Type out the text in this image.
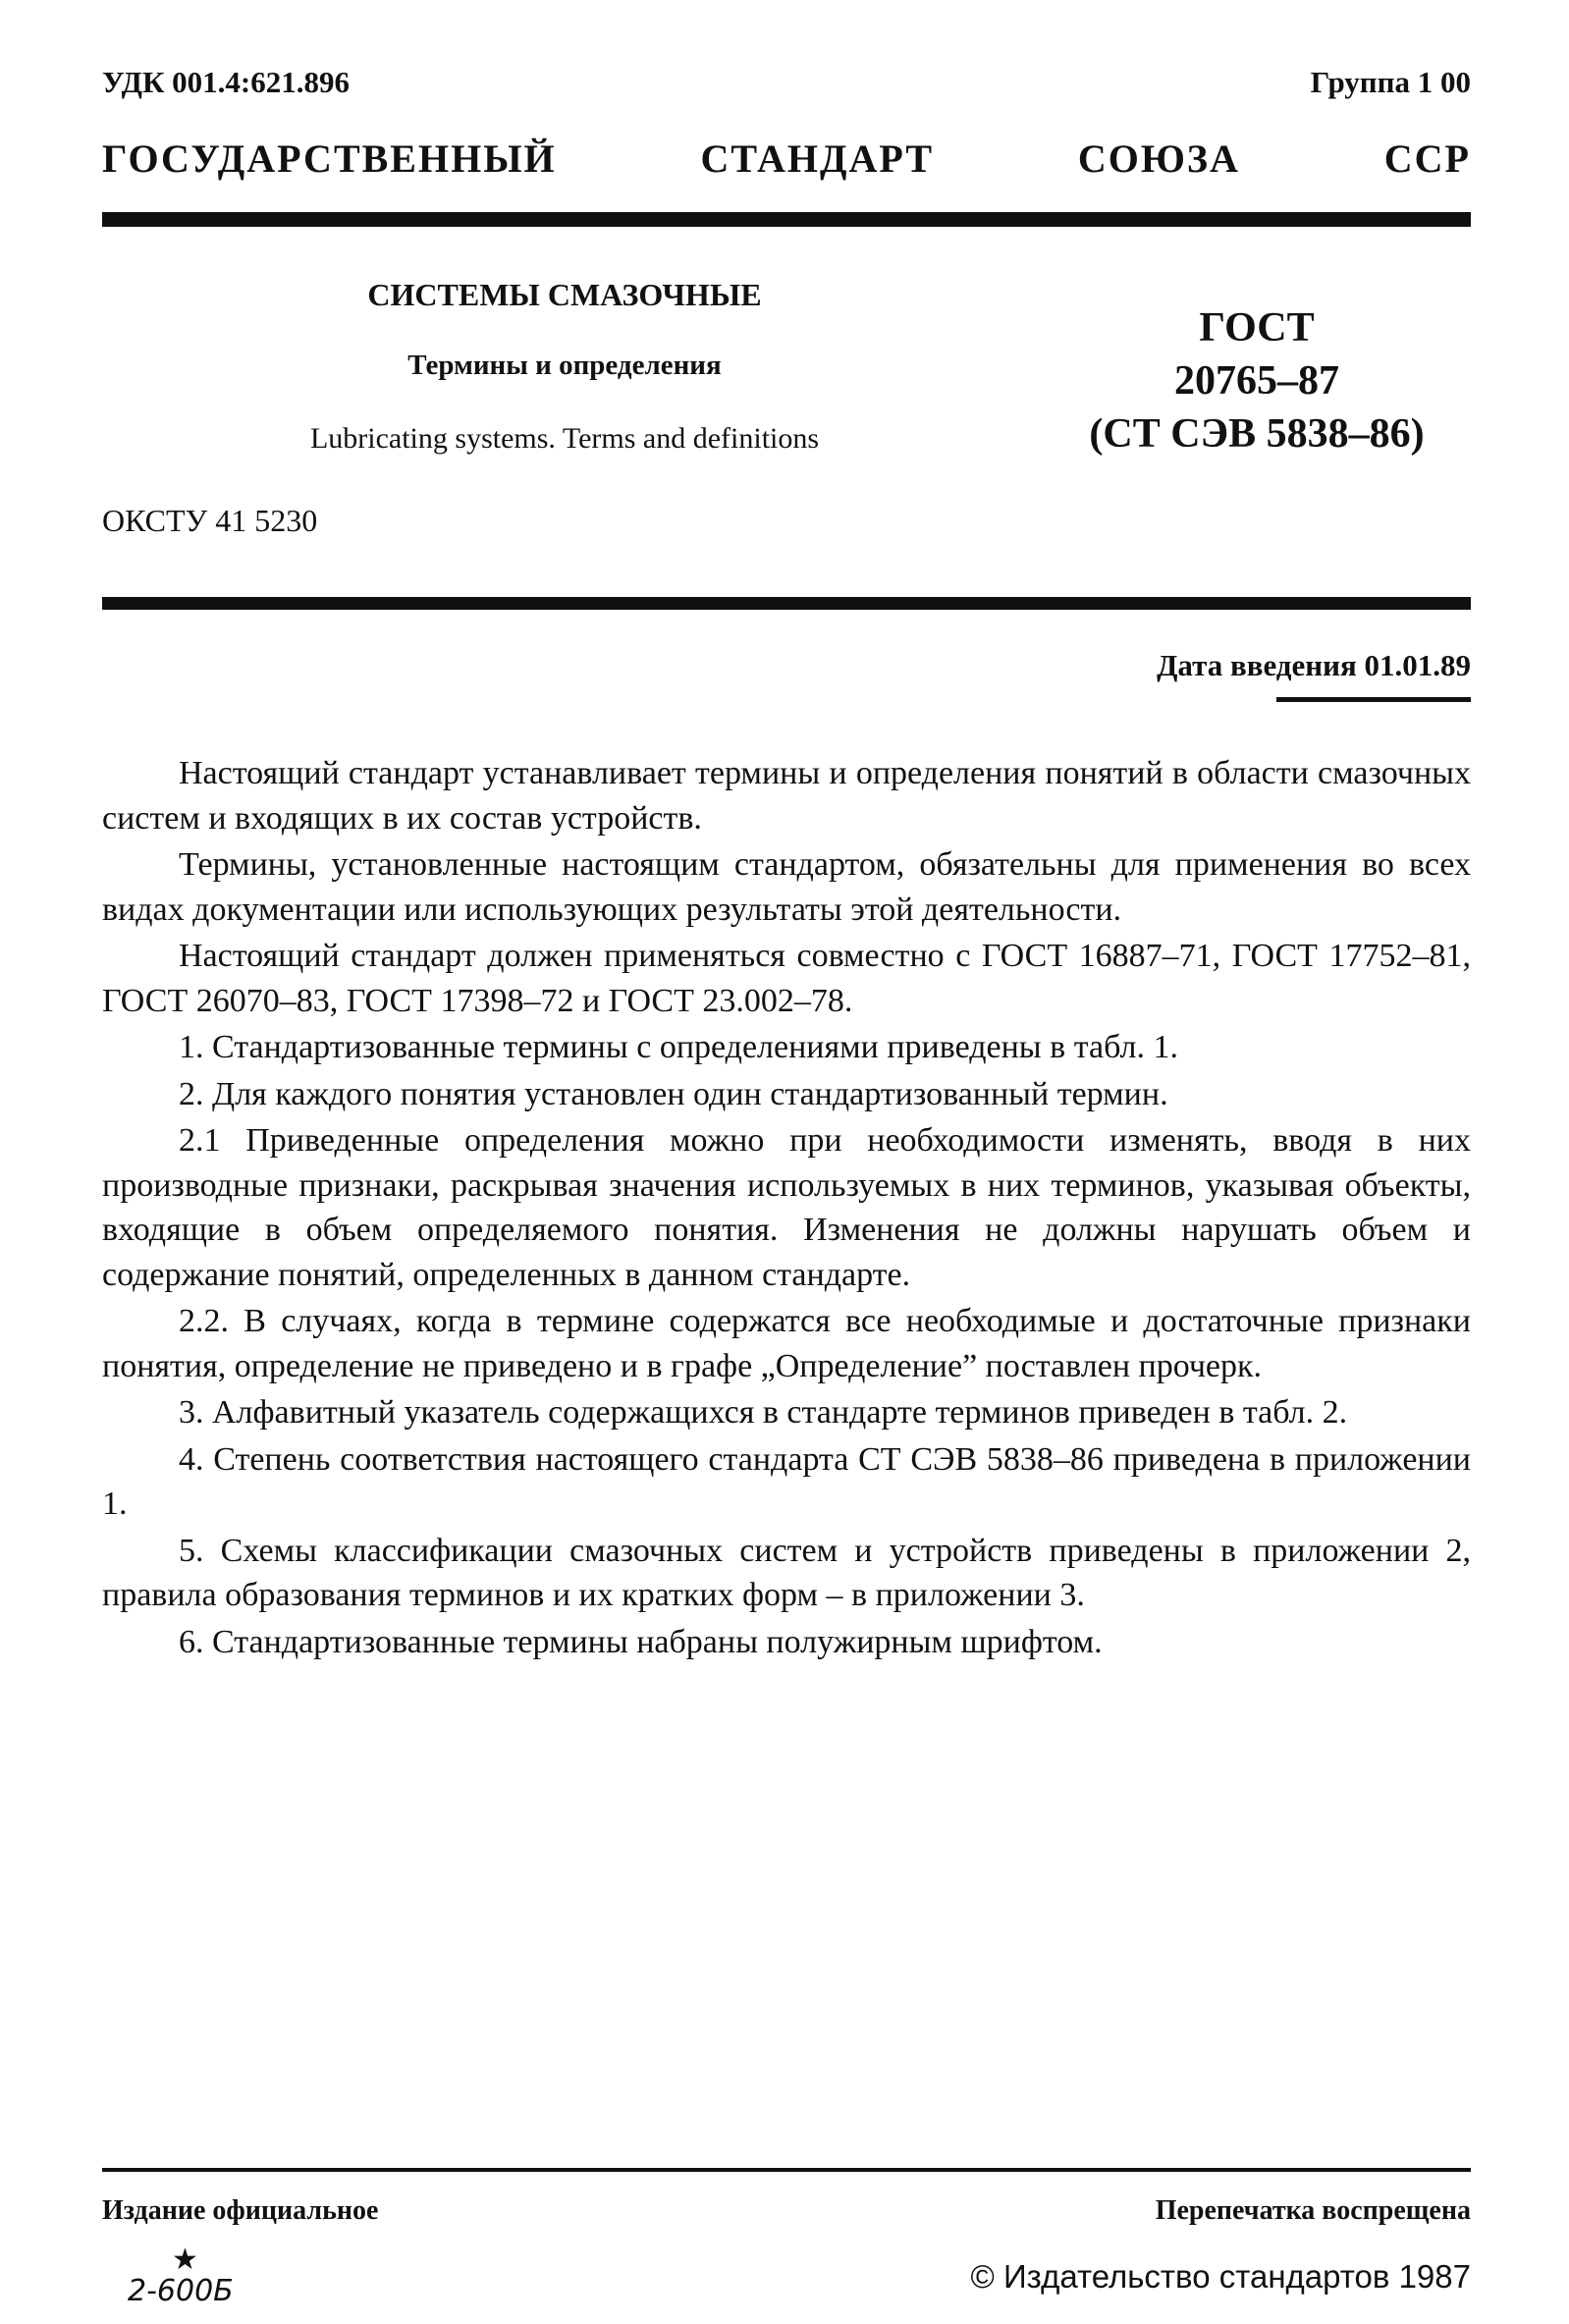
УДК 001.4:621.896	Группа 1 00
ГОСУДАРСТВЕННЫЙ СТАНДАРТ СОЮЗА ССР
СИСТЕМЫ СМАЗОЧНЫЕ
Термины и определения
Lubricating systems. Terms and definitions
ГОСТ
20765–87
(СТ СЭВ 5838–86)
ОКСТУ 41 5230
Дата введения 01.01.89

Настоящий стандарт устанавливает термины и определения понятий в области смазочных систем и входящих в их состав устройств.

Термины, установленные настоящим стандартом, обязательны для применения во всех видах документации или использующих результаты этой деятельности.

Настоящий стандарт должен применяться совместно с ГОСТ 16887–71, ГОСТ 17752–81, ГОСТ 26070–83, ГОСТ 17398–72 и ГОСТ 23.002–78.

1. Стандартизованные термины с определениями приведены в табл. 1.

2. Для каждого понятия установлен один стандартизованный термин.

2.1 Приведенные определения можно при необходимости изменять, вводя в них производные признаки, раскрывая значения используемых в них терминов, указывая объекты, входящие в объем определяемого понятия. Изменения не должны нарушать объем и содержание понятий, определенных в данном стандарте.

2.2. В случаях, когда в термине содержатся все необходимые и достаточные признаки понятия, определение не приведено и в графе „Определение” поставлен прочерк.

3. Алфавитный указатель содержащихся в стандарте терминов приведен в табл. 2.

4. Степень соответствия настоящего стандарта СТ СЭВ 5838–86 приведена в приложении 1.

5. Схемы классификации смазочных систем и устройств приведены в приложении 2, правила образования терминов и их кратких форм – в приложении 3.

6. Стандартизованные термины набраны полужирным шрифтом.

Издание официальное	Перепечатка воспрещена
★
2-600Б	© Издательство стандартов 1987
